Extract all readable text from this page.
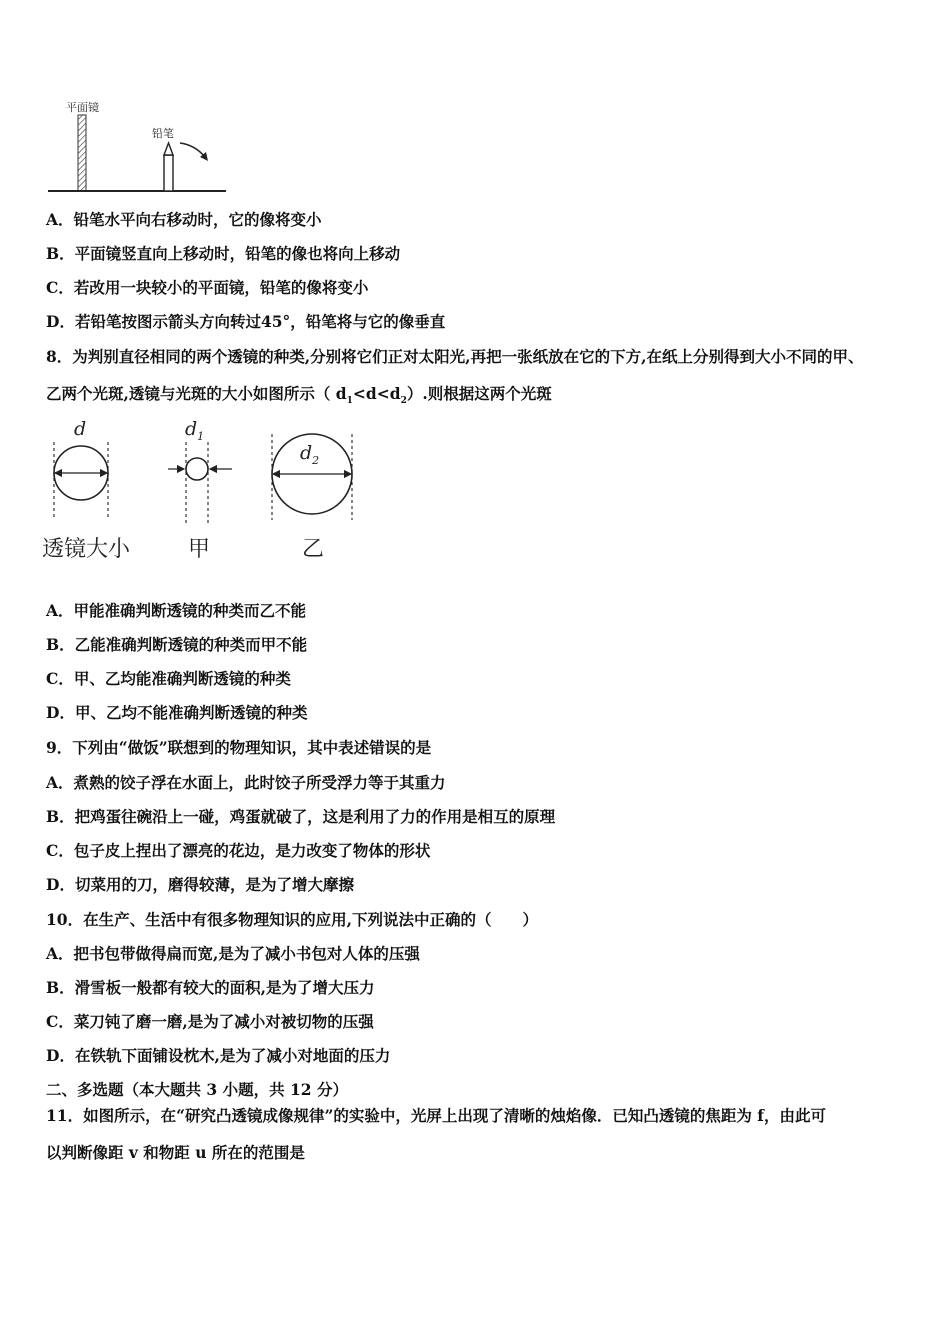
平面镜
铅笔
A．铅笔水平向右移动时，它的像将变小
B．平面镜竖直向上移动时，铅笔的像也将向上移动
C．若改用一块较小的平面镜，铅笔的像将变小
D．若铅笔按图示箭头方向转过45°，铅笔将与它的像垂直
8．为判别直径相同的两个透镜的种类,分别将它们正对太阳光,再把一张纸放在它的下方,在纸上分别得到大小不同的甲、
乙两个光斑,透镜与光斑的大小如图所示（ $d_1<d<d_2$）.则根据这两个光斑
d	$d_1$
$d_2$
透镜大小	甲	乙
A．甲能准确判断透镜的种类而乙不能
B．乙能准确判断透镜的种类而甲不能
C．甲、乙均能准确判断透镜的种类
D．甲、乙均不能准确判断透镜的种类
9．下列由“做饭”联想到的物理知识，其中表述错误的是
A．煮熟的饺子浮在水面上，此时饺子所受浮力等于其重力
B．把鸡蛋往碗沿上一碰，鸡蛋就破了，这是利用了力的作用是相互的原理
C．包子皮上捏出了漂亮的花边，是力改变了物体的形状
D．切菜用的刀，磨得较薄，是为了增大摩擦
10．在生产、生活中有很多物理知识的应用,下列说法中正确的（　　）
A．把书包带做得扁而宽,是为了减小书包对人体的压强
B．滑雪板一般都有较大的面积,是为了增大压力
C．菜刀钝了磨一磨,是为了减小对被切物的压强
D．在铁轨下面铺设枕木,是为了减小对地面的压力
二、多选题（本大题共 3 小题，共 12 分）
11．如图所示，在“研究凸透镜成像规律”的实验中，光屏上出现了清晰的烛焰像．已知凸透镜的焦距为 f，由此可
以判断像距 v 和物距 u 所在的范围是
